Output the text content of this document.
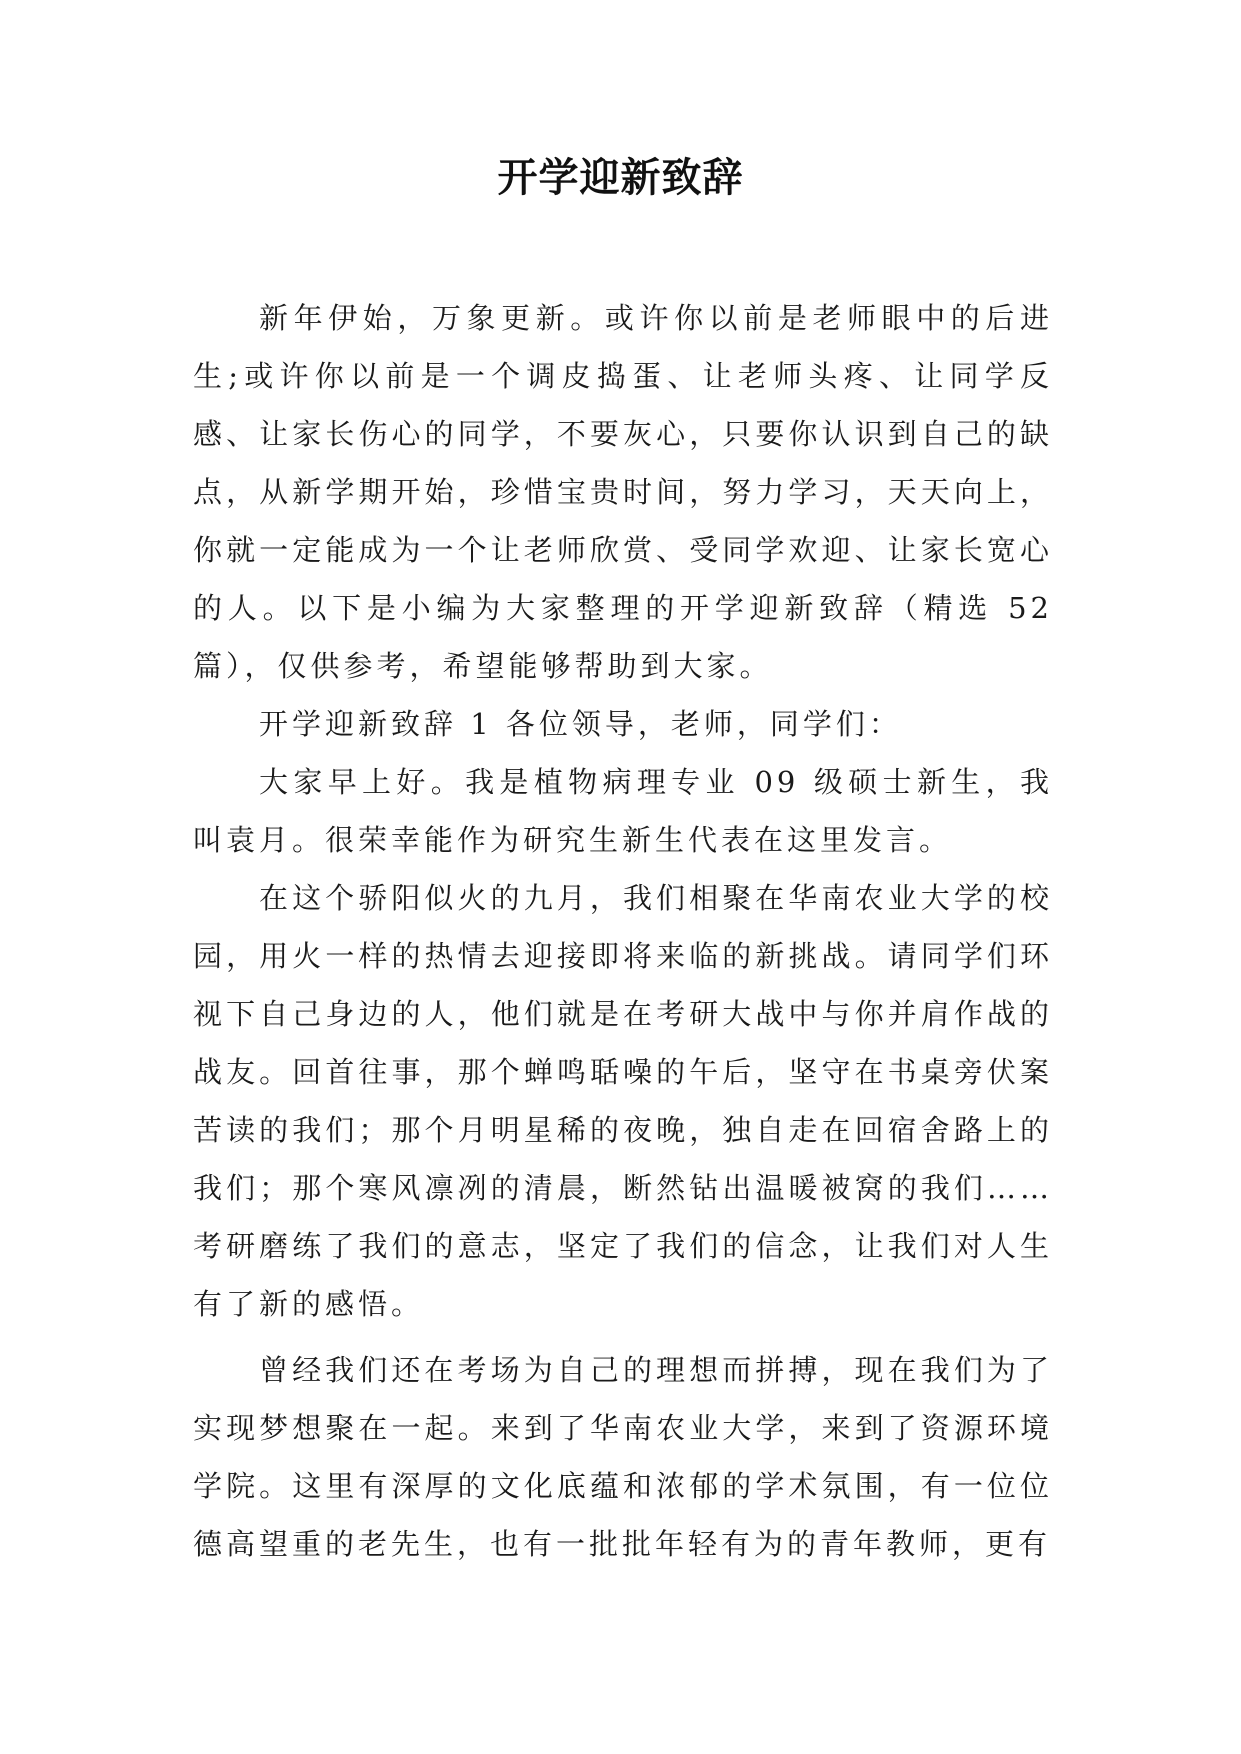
开学迎新致辞

新年伊始，万象更新。或许你以前是老师眼中的后进生;或许你以前是一个调皮捣蛋、让老师头疼、让同学反感、让家长伤心的同学，不要灰心，只要你认识到自己的缺点，从新学期开始，珍惜宝贵时间，努力学习，天天向上，你就一定能成为一个让老师欣赏、受同学欢迎、让家长宽心的人。以下是小编为大家整理的开学迎新致辞（精选 52 篇），仅供参考，希望能够帮助到大家。

开学迎新致辞 1 各位领导，老师，同学们：

大家早上好。我是植物病理专业 09 级硕士新生，我叫袁月。很荣幸能作为研究生新生代表在这里发言。

在这个骄阳似火的九月，我们相聚在华南农业大学的校园，用火一样的热情去迎接即将来临的新挑战。请同学们环视下自己身边的人，他们就是在考研大战中与你并肩作战的战友。回首往事，那个蝉鸣聒噪的午后，坚守在书桌旁伏案苦读的我们；那个月明星稀的夜晚，独自走在回宿舍路上的我们；那个寒风凛冽的清晨，断然钻出温暖被窝的我们……考研磨练了我们的意志，坚定了我们的信念，让我们对人生有了新的感悟。

曾经我们还在考场为自己的理想而拼搏，现在我们为了实现梦想聚在一起。来到了华南农业大学，来到了资源环境学院。这里有深厚的文化底蕴和浓郁的学术氛围，有一位位德高望重的老先生，也有一批批年轻有为的青年教师，更有
